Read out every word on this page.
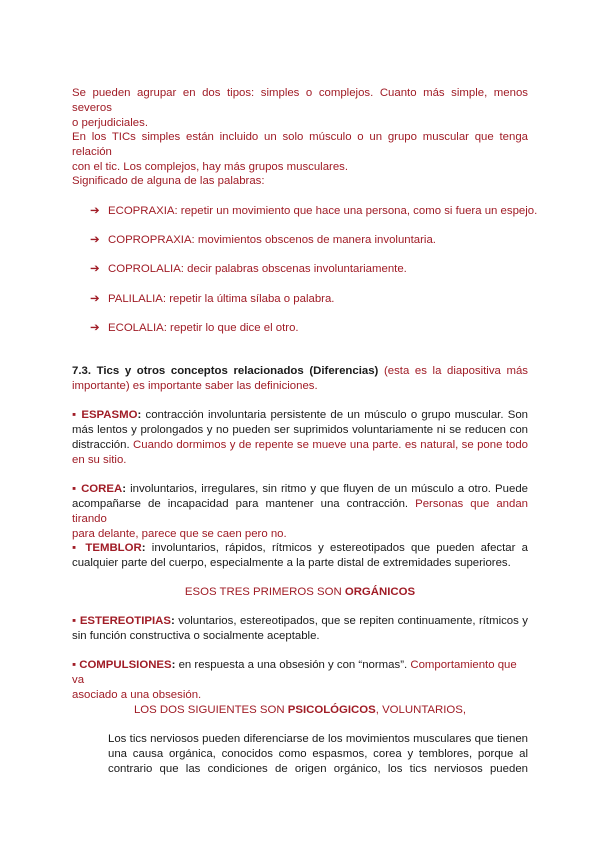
Se pueden agrupar en dos tipos: simples o complejos. Cuanto más simple, menos severos
o perjudiciales.
En los TICs simples están incluido un solo músculo o un grupo muscular que tenga relación
con el tic. Los complejos, hay más grupos musculares.
Significado de alguna de las palabras:
➔ ECOPRAXIA: repetir un movimiento que hace una persona, como si fuera un espejo.
➔ COPROPRAXIA: movimientos obscenos de manera involuntaria.
➔ COPROLALIA: decir palabras obscenas involuntariamente.
➔ PALILALIA: repetir la última sílaba o palabra.
➔ ECOLALIA: repetir lo que dice el otro.
7.3. Tics y otros conceptos relacionados (Diferencias) (esta es la diapositiva más
importante) es importante saber las definiciones.
▪ ESPASMO: contracción involuntaria persistente de un músculo o grupo muscular. Son
más lentos y prolongados y no pueden ser suprimidos voluntariamente ni se reducen con
distracción. Cuando dormimos y de repente se mueve una parte. es natural, se pone todo
en su sitio.
▪ COREA: involuntarios, irregulares, sin ritmo y que fluyen de un músculo a otro. Puede
acompañarse de incapacidad para mantener una contracción. Personas que andan tirando
para delante, parece que se caen pero no.
▪ TEMBLOR: involuntarios, rápidos, rítmicos y estereotipados que pueden afectar a
cualquier parte del cuerpo, especialmente a la parte distal de extremidades superiores.
ESOS TRES PRIMEROS SON ORGÁNICOS
▪ ESTEREOTIPIAS: voluntarios, estereotipados, que se repiten continuamente, rítmicos y
sin función constructiva o socialmente aceptable.
▪ COMPULSIONES: en respuesta a una obsesión y con “normas”. Comportamiento que va
asociado a una obsesión.
LOS DOS SIGUIENTES SON PSICOLÓGICOS, VOLUNTARIOS,
Los tics nerviosos pueden diferenciarse de los movimientos musculares que tienen
una causa orgánica, conocidos como espasmos, corea y temblores, porque al
contrario que las condiciones de origen orgánico, los tics nerviosos pueden
